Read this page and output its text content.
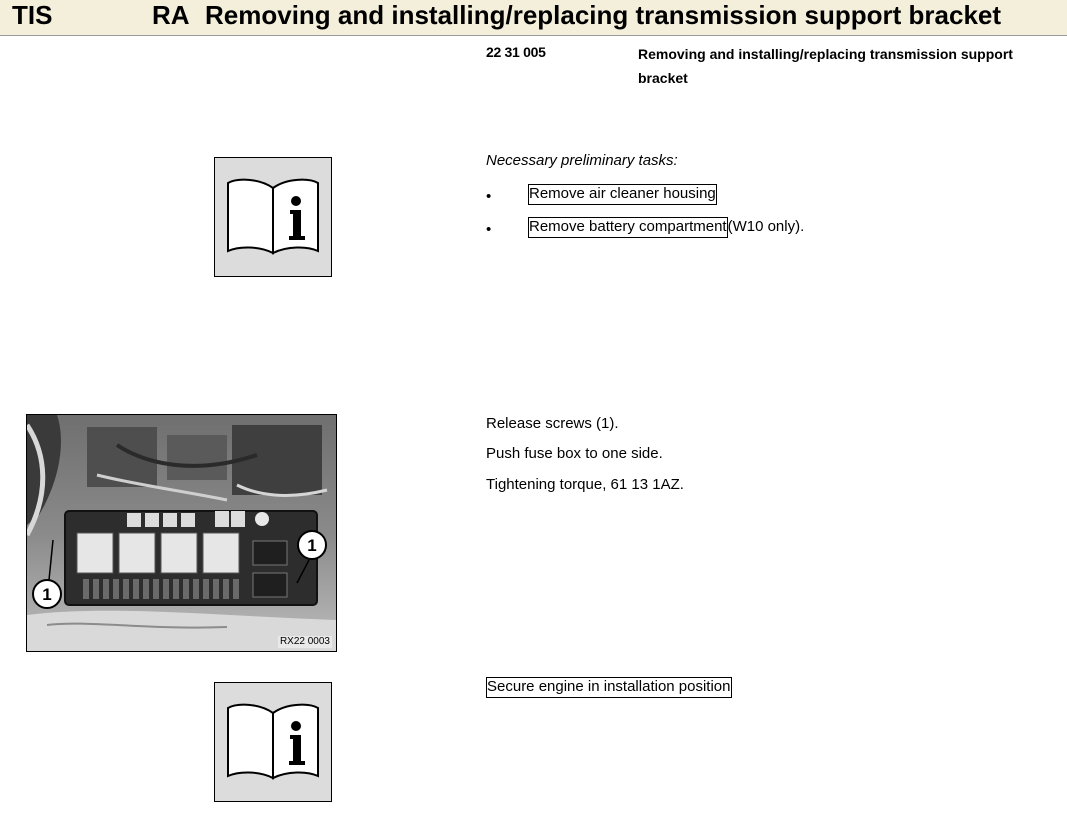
TIS	RA Removing and installing/replacing transmission support bracket
22 31 005	Removing and installing/replacing transmission support bracket
Necessary preliminary tasks:
•	Remove air cleaner housing
•	Remove battery compartment(W10 only).
1
1
RX22 0003
Release screws (1).
Push fuse box to one side.
Tightening torque, 61 13 1AZ.
Secure engine in installation position
